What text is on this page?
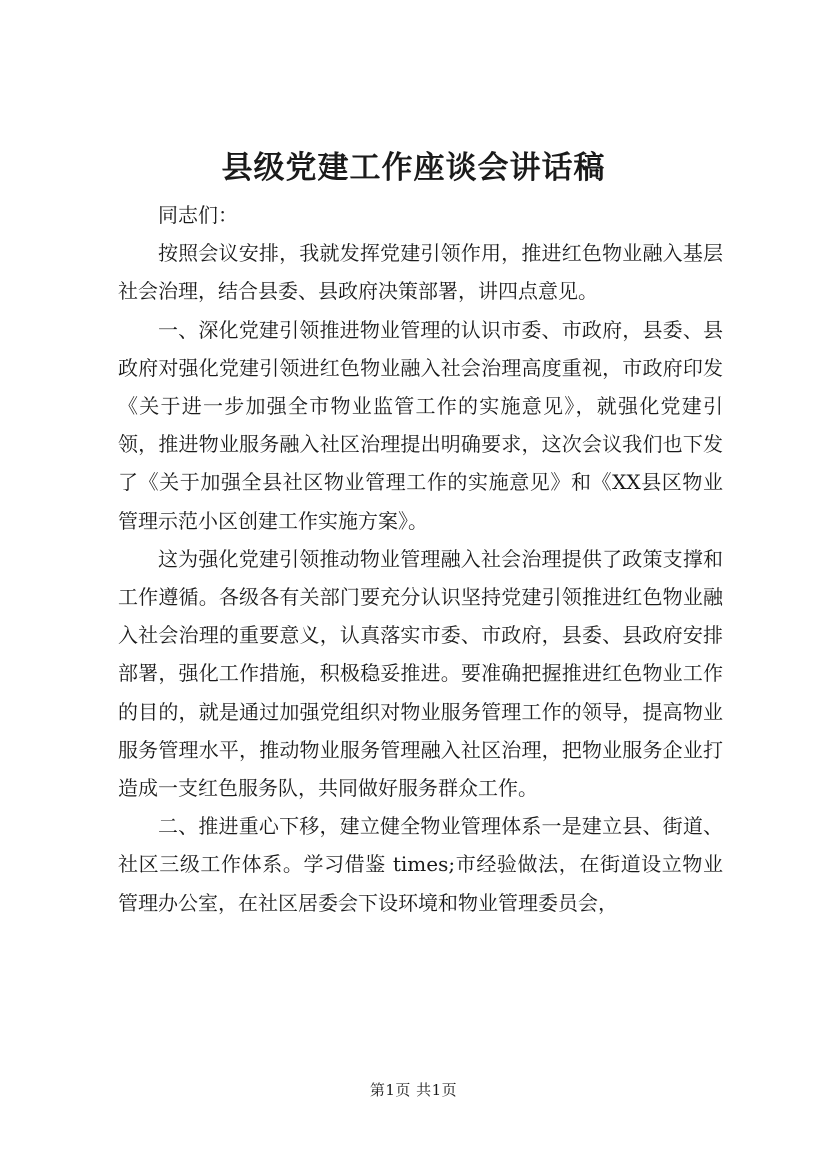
县级党建工作座谈会讲话稿

同志们：

按照会议安排，我就发挥党建引领作用，推进红色物业融入基层社会治理，结合县委、县政府决策部署，讲四点意见。

一、深化党建引领推进物业管理的认识市委、市政府，县委、县政府对强化党建引领进红色物业融入社会治理高度重视，市政府印发《关于进一步加强全市物业监管工作的实施意见》，就强化党建引领，推进物业服务融入社区治理提出明确要求，这次会议我们也下发了《关于加强全县社区物业管理工作的实施意见》和《XX县区物业管理示范小区创建工作实施方案》。

这为强化党建引领推动物业管理融入社会治理提供了政策支撑和工作遵循。各级各有关部门要充分认识坚持党建引领推进红色物业融入社会治理的重要意义，认真落实市委、市政府，县委、县政府安排部署，强化工作措施，积极稳妥推进。要准确把握推进红色物业工作的目的，就是通过加强党组织对物业服务管理工作的领导，提高物业服务管理水平，推动物业服务管理融入社区治理，把物业服务企业打造成一支红色服务队，共同做好服务群众工作。

二、推进重心下移，建立健全物业管理体系一是建立县、街道、社区三级工作体系。学习借鉴 times;市经验做法，在街道设立物业管理办公室，在社区居委会下设环境和物业管理委员会，

第1页 共1页
